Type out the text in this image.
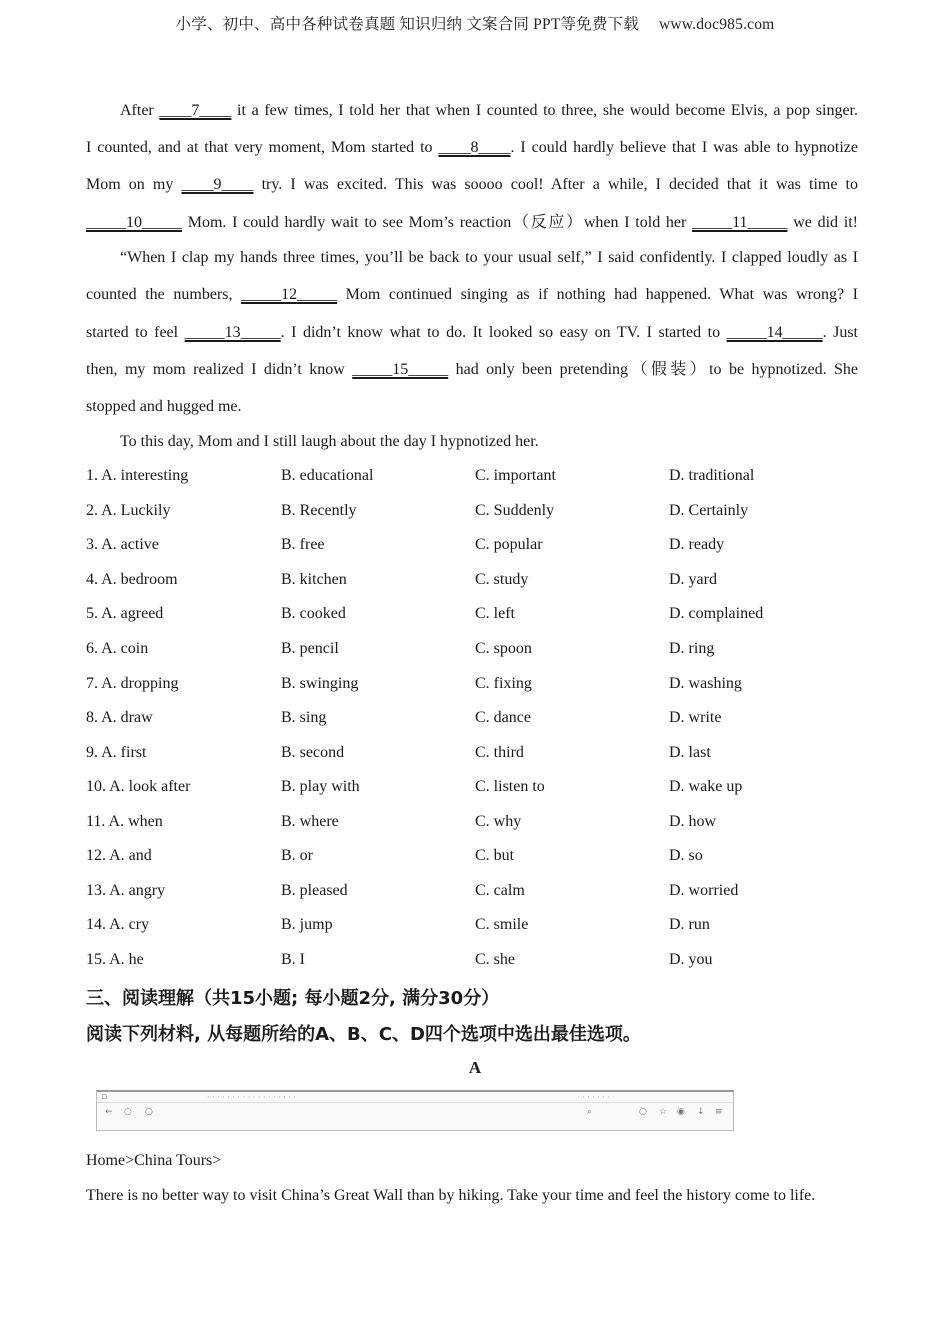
小学、初中、高中各种试卷真题 知识归纳 文案合同 PPT等免费下载 www.doc985.com
After ____7____ it a few times, I told her that when I counted to three, she would become Elvis, a pop singer.
I counted, and at that very moment, Mom started to ____8____. I could hardly believe that I was able to hypnotize
Mom on my ____9____ try. I was excited. This was soooo cool! After a while, I decided that it was time to
_____10_____ Mom. I could hardly wait to see Mom’s reaction（反应）when I told her _____11_____ we did it!
“When I clap my hands three times, you’ll be back to your usual self,” I said confidently. I clapped loudly as I
counted the numbers, _____12_____ Mom continued singing as if nothing had happened. What was wrong? I
started to feel _____13_____. I didn’t know what to do. It looked so easy on TV. I started to _____14_____. Just
then, my mom realized I didn’t know _____15_____ had only been pretending（假装）to be hypnotized. She
stopped and hugged me.
To this day, Mom and I still laugh about the day I hypnotized her.
1. A. interesting	B. educational	C. important	D. traditional
2. A. Luckily	B. Recently	C. Suddenly	D. Certainly
3. A. active	B. free	C. popular	D. ready
4. A. bedroom	B. kitchen	C. study	D. yard
5. A. agreed	B. cooked	C. left	D. complained
6. A. coin	B. pencil	C. spoon	D. ring
7. A. dropping	B. swinging	C. fixing	D. washing
8. A. draw	B. sing	C. dance	D. write
9. A. first	B. second	C. third	D. last
10. A. look after	B. play with	C. listen to	D. wake up
11. A. when	B. where	C. why	D. how
12. A. and	B. or	C. but	D. so
13. A. angry	B. pleased	C. calm	D. worried
14. A. cry	B. jump	C. smile	D. run
15. A. he	B. I	C. she	D. you
三、阅读理解（共15小题; 每小题2分, 满分30分）
阅读下列材料, 从每题所给的A、B、C、D四个选项中选出最佳选项。
A
▫	· · · · · · · · · · · · · · · · · ·	· · · · · · · ·
← ○ ○	⌕	○ ☆ ◉ ↓ ≡
Home>China Tours>
There is no better way to visit China’s Great Wall than by hiking. Take your time and feel the history come to life.
